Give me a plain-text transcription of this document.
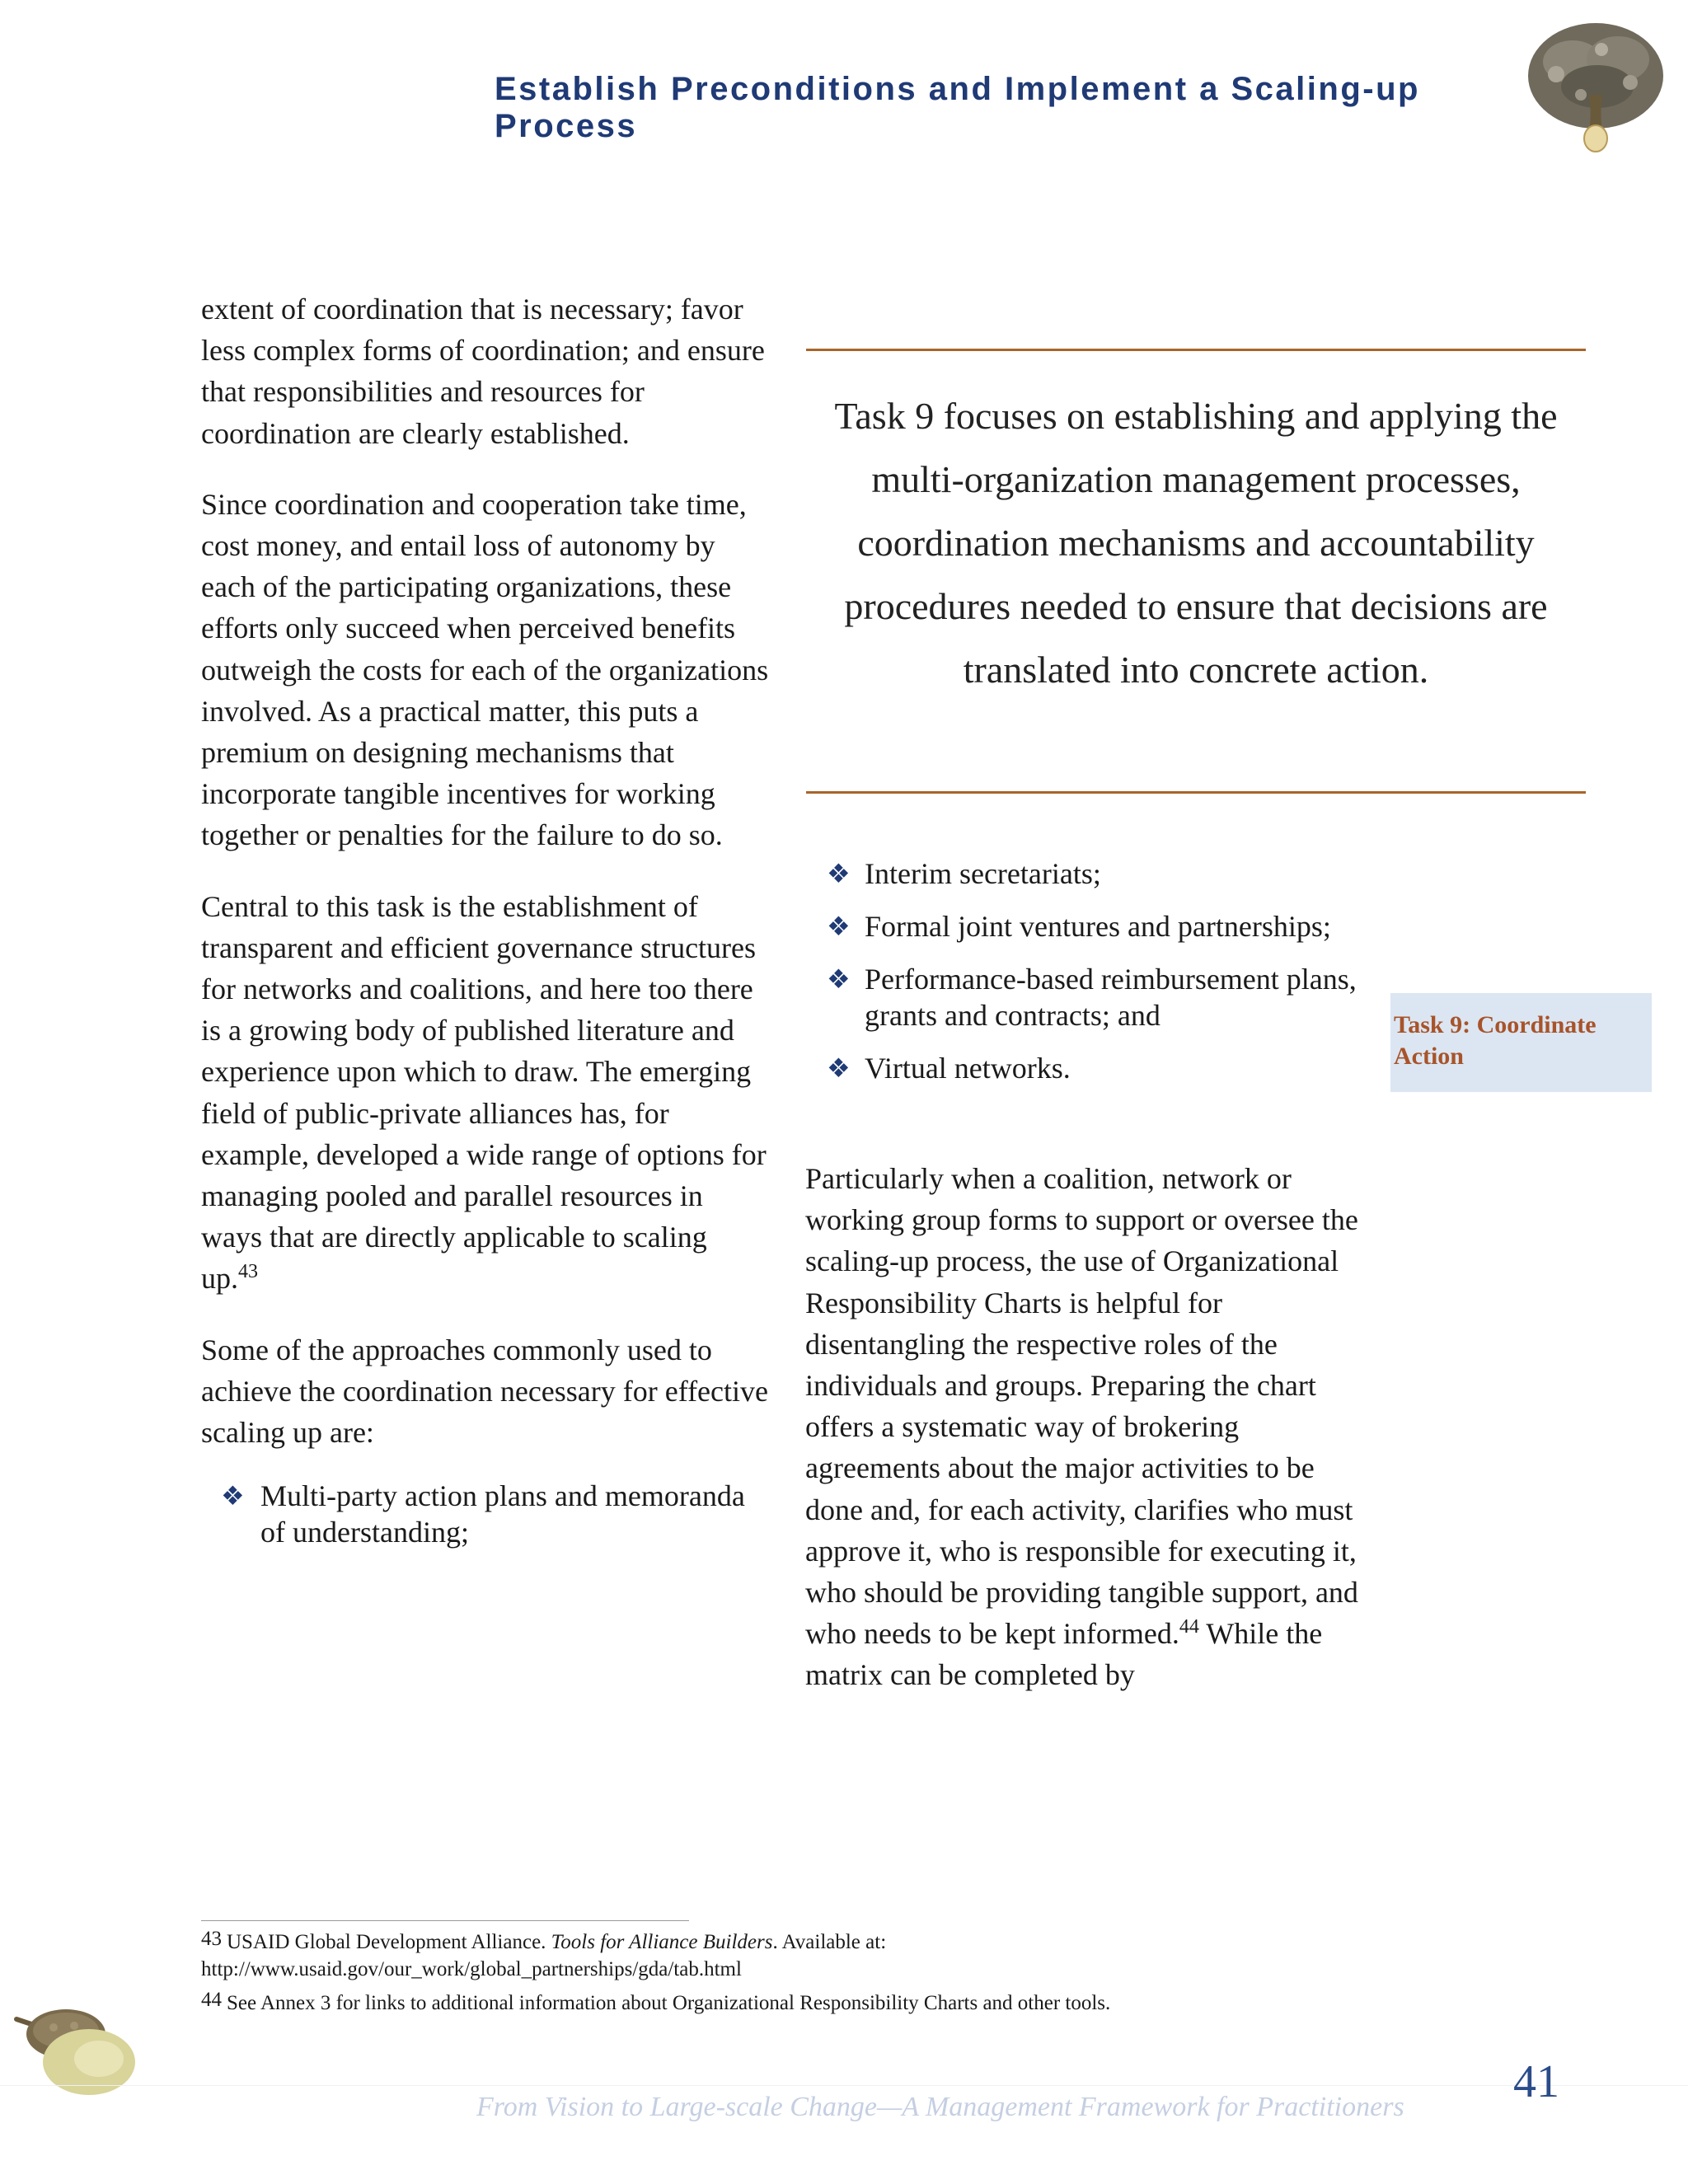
Establish Preconditions and Implement a Scaling-up Process

extent of coordination that is necessary; favor less complex forms of coordination; and ensure that responsibilities and resources for coordination are clearly established.

Since coordination and cooperation take time, cost money, and entail loss of autonomy by each of the participating organizations, these efforts only succeed when perceived benefits outweigh the costs for each of the organizations involved. As a practical matter, this puts a premium on designing mechanisms that incorporate tangible incentives for working together or penalties for the failure to do so.

Central to this task is the establishment of transparent and efficient governance structures for networks and coalitions, and here too there is a growing body of published literature and experience upon which to draw. The emerging field of public-private alliances has, for example, developed a wide range of options for managing pooled and parallel resources in ways that are directly applicable to scaling up.$^{43}$

Some of the approaches commonly used to achieve the coordination necessary for effective scaling up are:

❖ Multi-party action plans and memoranda of understanding;
Task 9 focuses on establishing and applying the multi-organization management processes, coordination mechanisms and accountability procedures needed to ensure that decisions are translated into concrete action.
❖ Interim secretariats;
❖ Formal joint ventures and partnerships;
❖ Performance-based reimbursement plans, grants and contracts; and
❖ Virtual networks.

Particularly when a coalition, network or working group forms to support or oversee the scaling-up process, the use of Organizational Responsibility Charts is helpful for disentangling the respective roles of the individuals and groups. Preparing the chart offers a systematic way of brokering agreements about the major activities to be done and, for each activity, clarifies who must approve it, who is responsible for executing it, who should be providing tangible support, and who needs to be kept informed.$^{44}$ While the matrix can be completed by

Task 9: Coordinate Action
$^{43}$ USAID Global Development Alliance. Tools for Alliance Builders. Available at:
http://www.usaid.gov/our_work/global_partnerships/gda/tab.html
$^{44}$ See Annex 3 for links to additional information about Organizational Responsibility Charts and other tools.
From Vision to Large-scale Change—A Management Framework for Practitioners	41
